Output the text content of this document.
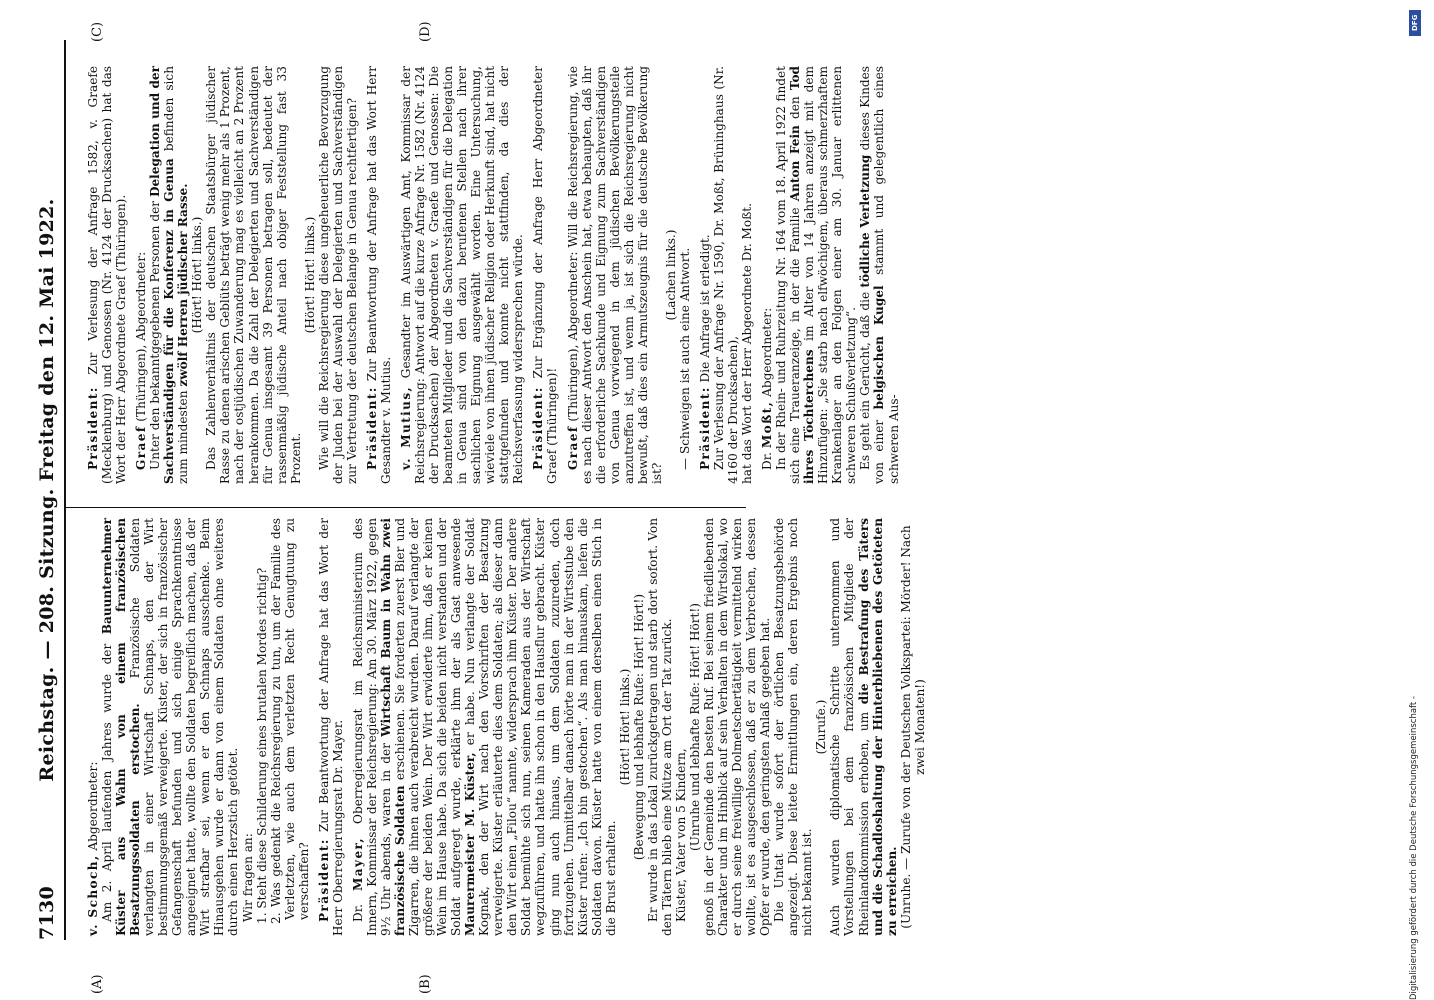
7130
Reichstag. — 208. Sitzung. Freitag den 12. Mai 1922.
(A)	(B)
(C)	(D)

v. Schoch, Abgeordneter: Am 2. April laufenden Jahres wurde der Bauunternehmer Küster aus Wahn von einem französischen Besatzungssoldaten erstochen. Französische Soldaten verlangten in einer Wirtschaft Schnaps, den der Wirt bestimmungsgemäß verweigerte. Küster, der sich in französischer Gefangenschaft befunden und sich einige Sprachkenntnisse angeeignet hatte, wollte den Soldaten begreiflich machen, daß der Wirt strafbar sei, wenn er den Schnaps ausschenke. Beim Hinausgehen wurde er dann von einem Soldaten ohne weiteres durch einen Herzstich getötet. Wir fragen an: 1. Steht diese Schilderung eines brutalen Mordes richtig? 2. Was gedenkt die Reichsregierung zu tun, um der Familie des Verletzten, wie auch dem verletzten Recht Genugtuung zu verschaffen? Präsident: Zur Beantwortung der Anfrage hat das Wort der Herr Oberregierungsrat Dr. Mayer. Dr. Mayer, Oberregierungsrat im Reichsministerium des Innern, Kommissar der Reichsregierung: Am 30. März 1922, gegen 9½ Uhr abends, waren in der Wirtschaft Baum in Wahn zwei französische Soldaten erschienen. Sie forderten zuerst Bier und Zigarren, die ihnen auch verabreicht wurden. Darauf verlangte der größere der beiden Wein. Der Wirt erwiderte ihm, daß er keinen Wein im Hause habe. Da sich die beiden nicht verstanden und der Soldat aufgeregt wurde, erklärte ihm der als Gast anwesende Maurermeister M. Küster, er habe. Nun verlangte der Soldat Kognak, den der Wirt nach den Vorschriften der Besatzung verweigerte. Küster erläuterte dies dem Soldaten; als dieser dann den Wirt einen „Filou“ nannte, widersprach ihm Küster. Der andere Soldat bemühte sich nun, seinen Kameraden aus der Wirtschaft wegzuführen, und hatte ihn schon in den Hausflur gebracht. Küster ging nun auch hinaus, um dem Soldaten zuzureden, doch fortzugehen. Unmittelbar danach hörte man in der Wirtsstube den Küster rufen: „Ich bin gestochen“. Als man hinauskam, liefen die Soldaten davon. Küster hatte von einem derselben einen Stich in die Brust erhalten.

(Hört! Hört! links.) (Bewegung und lebhafte Rufe: Hört! Hört!) Er wurde in das Lokal zurückgetragen und starb dort sofort. Von den Tätern blieb eine Mütze am Ort der Tat zurück. Küster, Vater von 5 Kindern, (Unruhe und lebhafte Rufe: Hört! Hört!) genoß in der Gemeinde den besten Ruf. Bei seinem friedliebenden Charakter und im Hinblick auf sein Verhalten in dem Wirtslokal, wo er durch seine freiwillige Dolmetschertätigkeit vermittelnd wirken wollte, ist es ausgeschlossen, daß er zu dem Verbrechen, dessen Opfer er wurde, den geringsten Anlaß gegeben hat. Die Untat wurde sofort der örtlichen Besatzungsbehörde angezeigt. Diese leitete Ermittlungen ein, deren Ergebnis noch nicht bekannt ist.

(Zurufe.) Auch wurden diplomatische Schritte unternommen und Vorstellungen bei dem französischen Mitgliede der Rheinlandkommission erhoben, um die Bestrafung des Täters und die Schadloshaltung der Hinterbliebenen des Getöteten zu erreichen. (Unruhe. — Zurufe von der Deutschen Volkspartei: Mörder! Nach zwei Monaten!)

Präsident: Zur Verlesung der Anfrage 1582, v. Graefe (Mecklenburg) und Genossen (Nr. 4124 der Drucksachen) hat das Wort der Herr Abgeordnete Graef (Thüringen). Graef (Thüringen), Abgeordneter: Unter den bekanntgegebenen Personen der Delegation und der Sachverständigen für die Konferenz in Genua befinden sich zum mindesten zwölf Herren jüdischer Rasse. (Hört! Hört! links.) Das Zahlenverhältnis der deutschen Staatsbürger jüdischer Rasse zu denen arischen Geblüts beträgt wenig mehr als 1 Prozent, nach der ostjüdischen Zuwanderung mag es vielleicht an 2 Prozent herankommen. Da die Zahl der Delegierten und Sachverständigen für Genua insgesamt 39 Personen betragen soll, bedeutet der rassenmäßig jüdische Anteil nach obiger Feststellung fast 33 Prozent.

(Hört! Hört! links.) Wie will die Reichsregierung diese ungeheuerliche Bevorzugung der Juden bei der Auswahl der Delegierten und Sachverständigen zur Vertretung der deutschen Belange in Genua rechtfertigen? Präsident: Zur Beantwortung der Anfrage hat das Wort Herr Gesandter v. Mutius. v. Mutius, Gesandter im Auswärtigen Amt, Kommissar der Reichsregierung: Antwort auf die kurze Anfrage Nr. 1582 (Nr. 4124 der Drucksachen) der Abgeordneten v. Graefe und Genossen: Die beamteten Mitglieder und die Sachverständigen für die Delegation in Genua sind von den dazu berufenen Stellen nach ihrer sachlichen Eignung ausgewählt worden. Eine Untersuchung, wieviele von ihnen jüdischer Religion oder Herkunft sind, hat nicht stattgefunden und konnte nicht stattfinden, da dies der Reichsverfassung widersprechen würde. Präsident: Zur Ergänzung der Anfrage Herr Abgeordneter Graef (Thüringen)! Graef (Thüringen), Abgeordneter: Will die Reichsregierung, wie es nach dieser Antwort den Anschein hat, etwa behaupten, daß ihr die erforderliche Sachkunde und Eignung zum Sachverständigen von Genua vorwiegend in dem jüdischen Bevölkerungsteile anzutreffen ist, und wenn ja, ist sich die Reichsregierung nicht bewußt, daß dies ein Armutszeugnis für die deutsche Bevölkerung ist?

(Lachen links.) — Schweigen ist auch eine Antwort. Präsident: Die Anfrage ist erledigt. Zur Verlesung der Anfrage Nr. 1590, Dr. Moßt, Brüninghaus (Nr. 4160 der Drucksachen), hat das Wort der Herr Abgeordnete Dr. Moßt. Dr. Moßt, Abgeordneter: In der Rhein- und Ruhrzeitung Nr. 164 vom 18. April 1922 findet sich eine Traueranzeige, in der die Familie Anton Fein den Tod ihres Töchterchens im Alter von 14 Jahren anzeigt mit dem Hinzufügen: „Sie starb nach elfwöchigem, überaus schmerzhaftem Krankenlager an den Folgen einer am 30. Januar erlittenen schweren Schußverletzung“. Es geht ein Gerücht, daß die tödliche Verletzung dieses Kindes von einer belgischen Kugel stammt und gelegentlich eines schweren Aus-

DFG
Digitalisierung gefördert durch die Deutsche Forschungsgemeinschaft -
